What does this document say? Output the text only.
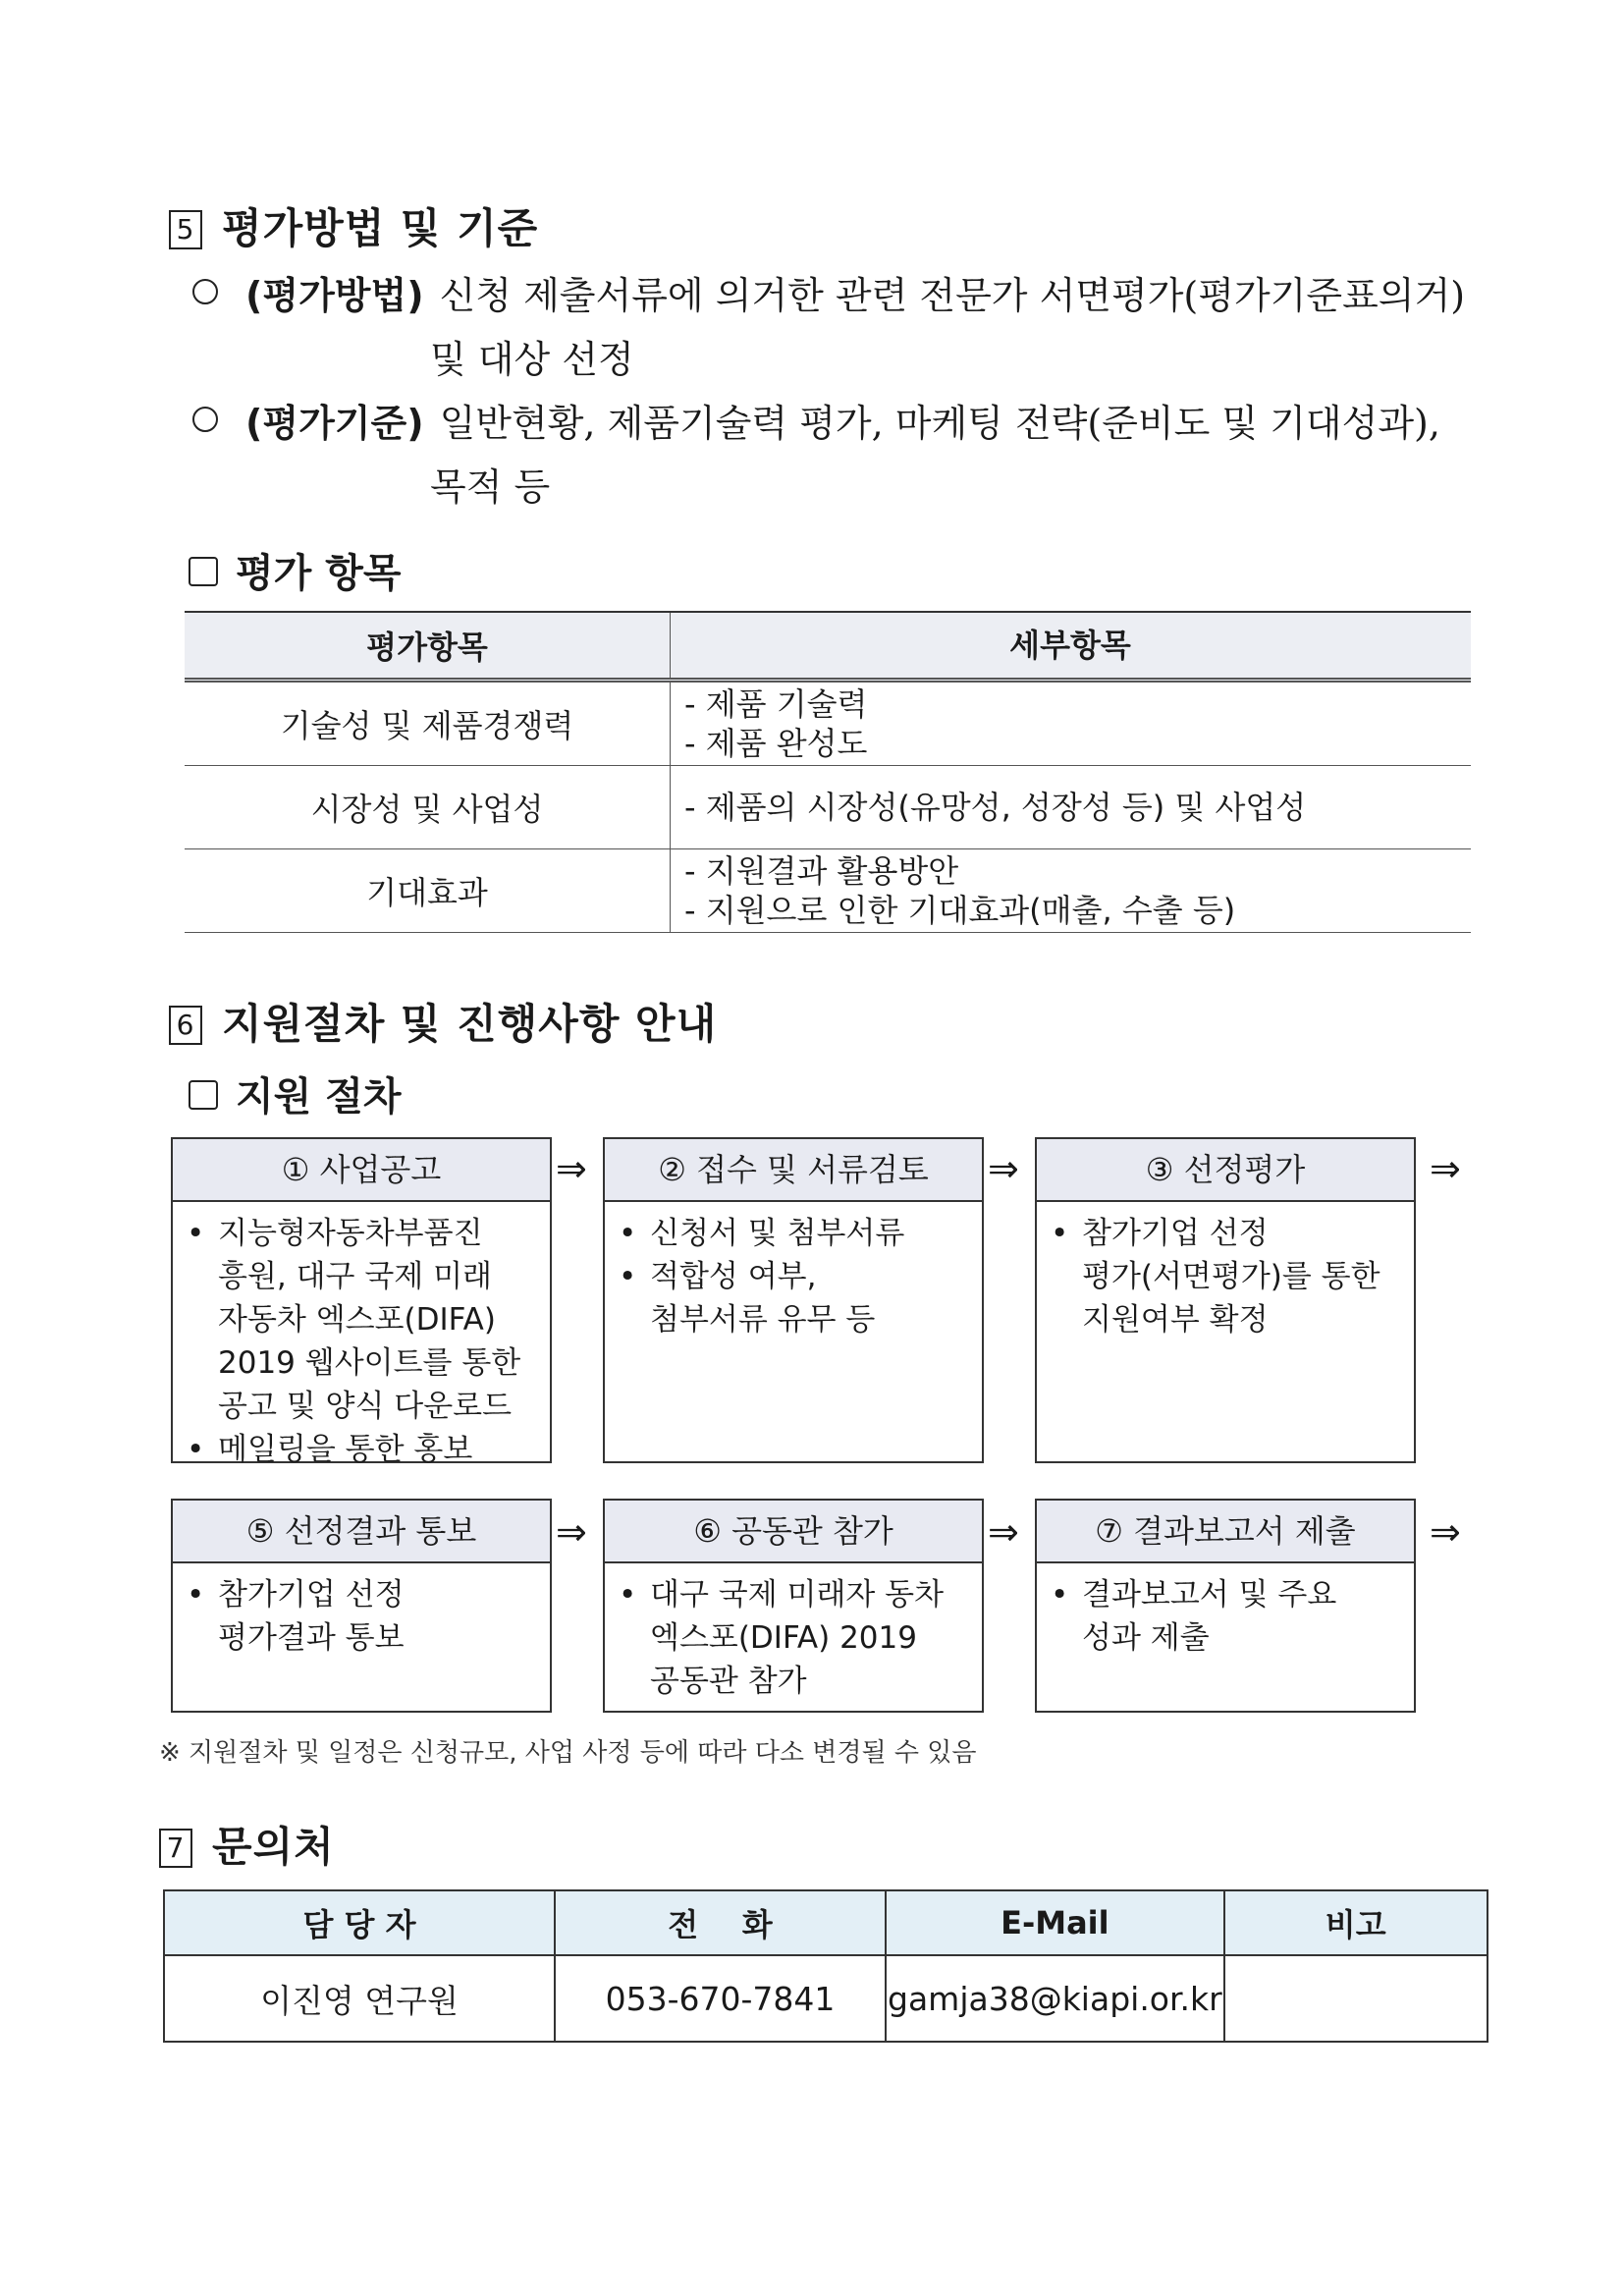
5 평가방법 및 기준
(평가방법) 신청 제출서류에 의거한 관련 전문가 서면평가(평가기준표의거)
및 대상 선정
(평가기준) 일반현황, 제품기술력 평가, 마케팅 전략(준비도 및 기대성과),
목적 등
평가 항목
평가항목	세부항목
기술성 및 제품경쟁력	- 제품 기술력
- 제품 완성도

시장성 및 사업성	- 제품의 시장성(유망성, 성장성 등) 및 사업성

기대효과	- 지원결과 활용방안
- 지원으로 인한 기대효과(매출, 수출 등)
6 지원절차 및 진행사항 안내
지원 절차
① 사업공고
• 지능형자동차부품진
흥원, 대구 국제 미래
자동차 엑스포(DIFA)
2019 웹사이트를 통한
공고 및 양식 다운로드
• 메일링을 통한 홍보
⇒	② 접수 및 서류검토
• 신청서 및 첨부서류
• 적합성 여부,
첨부서류 유무 등
⇒	③ 선정평가
• 참가기업 선정
평가(서면평가)를 통한
지원여부 확정
⇒
⑤ 선정결과 통보
• 참가기업 선정
평가결과 통보
⇒	⑥ 공동관 참가
• 대구 국제 미래자 동차
엑스포(DIFA) 2019
공동관 참가
⇒	⑦ 결과보고서 제출
• 결과보고서 및 주요
성과 제출
⇒
※ 지원절차 및 일정은 신청규모, 사업 사정 등에 따라 다소 변경될 수 있음
7 문의처
담 당 자	전    화	E-Mail	비고
이진영 연구원	053-670-7841	gamja38@kiapi.or.kr	
